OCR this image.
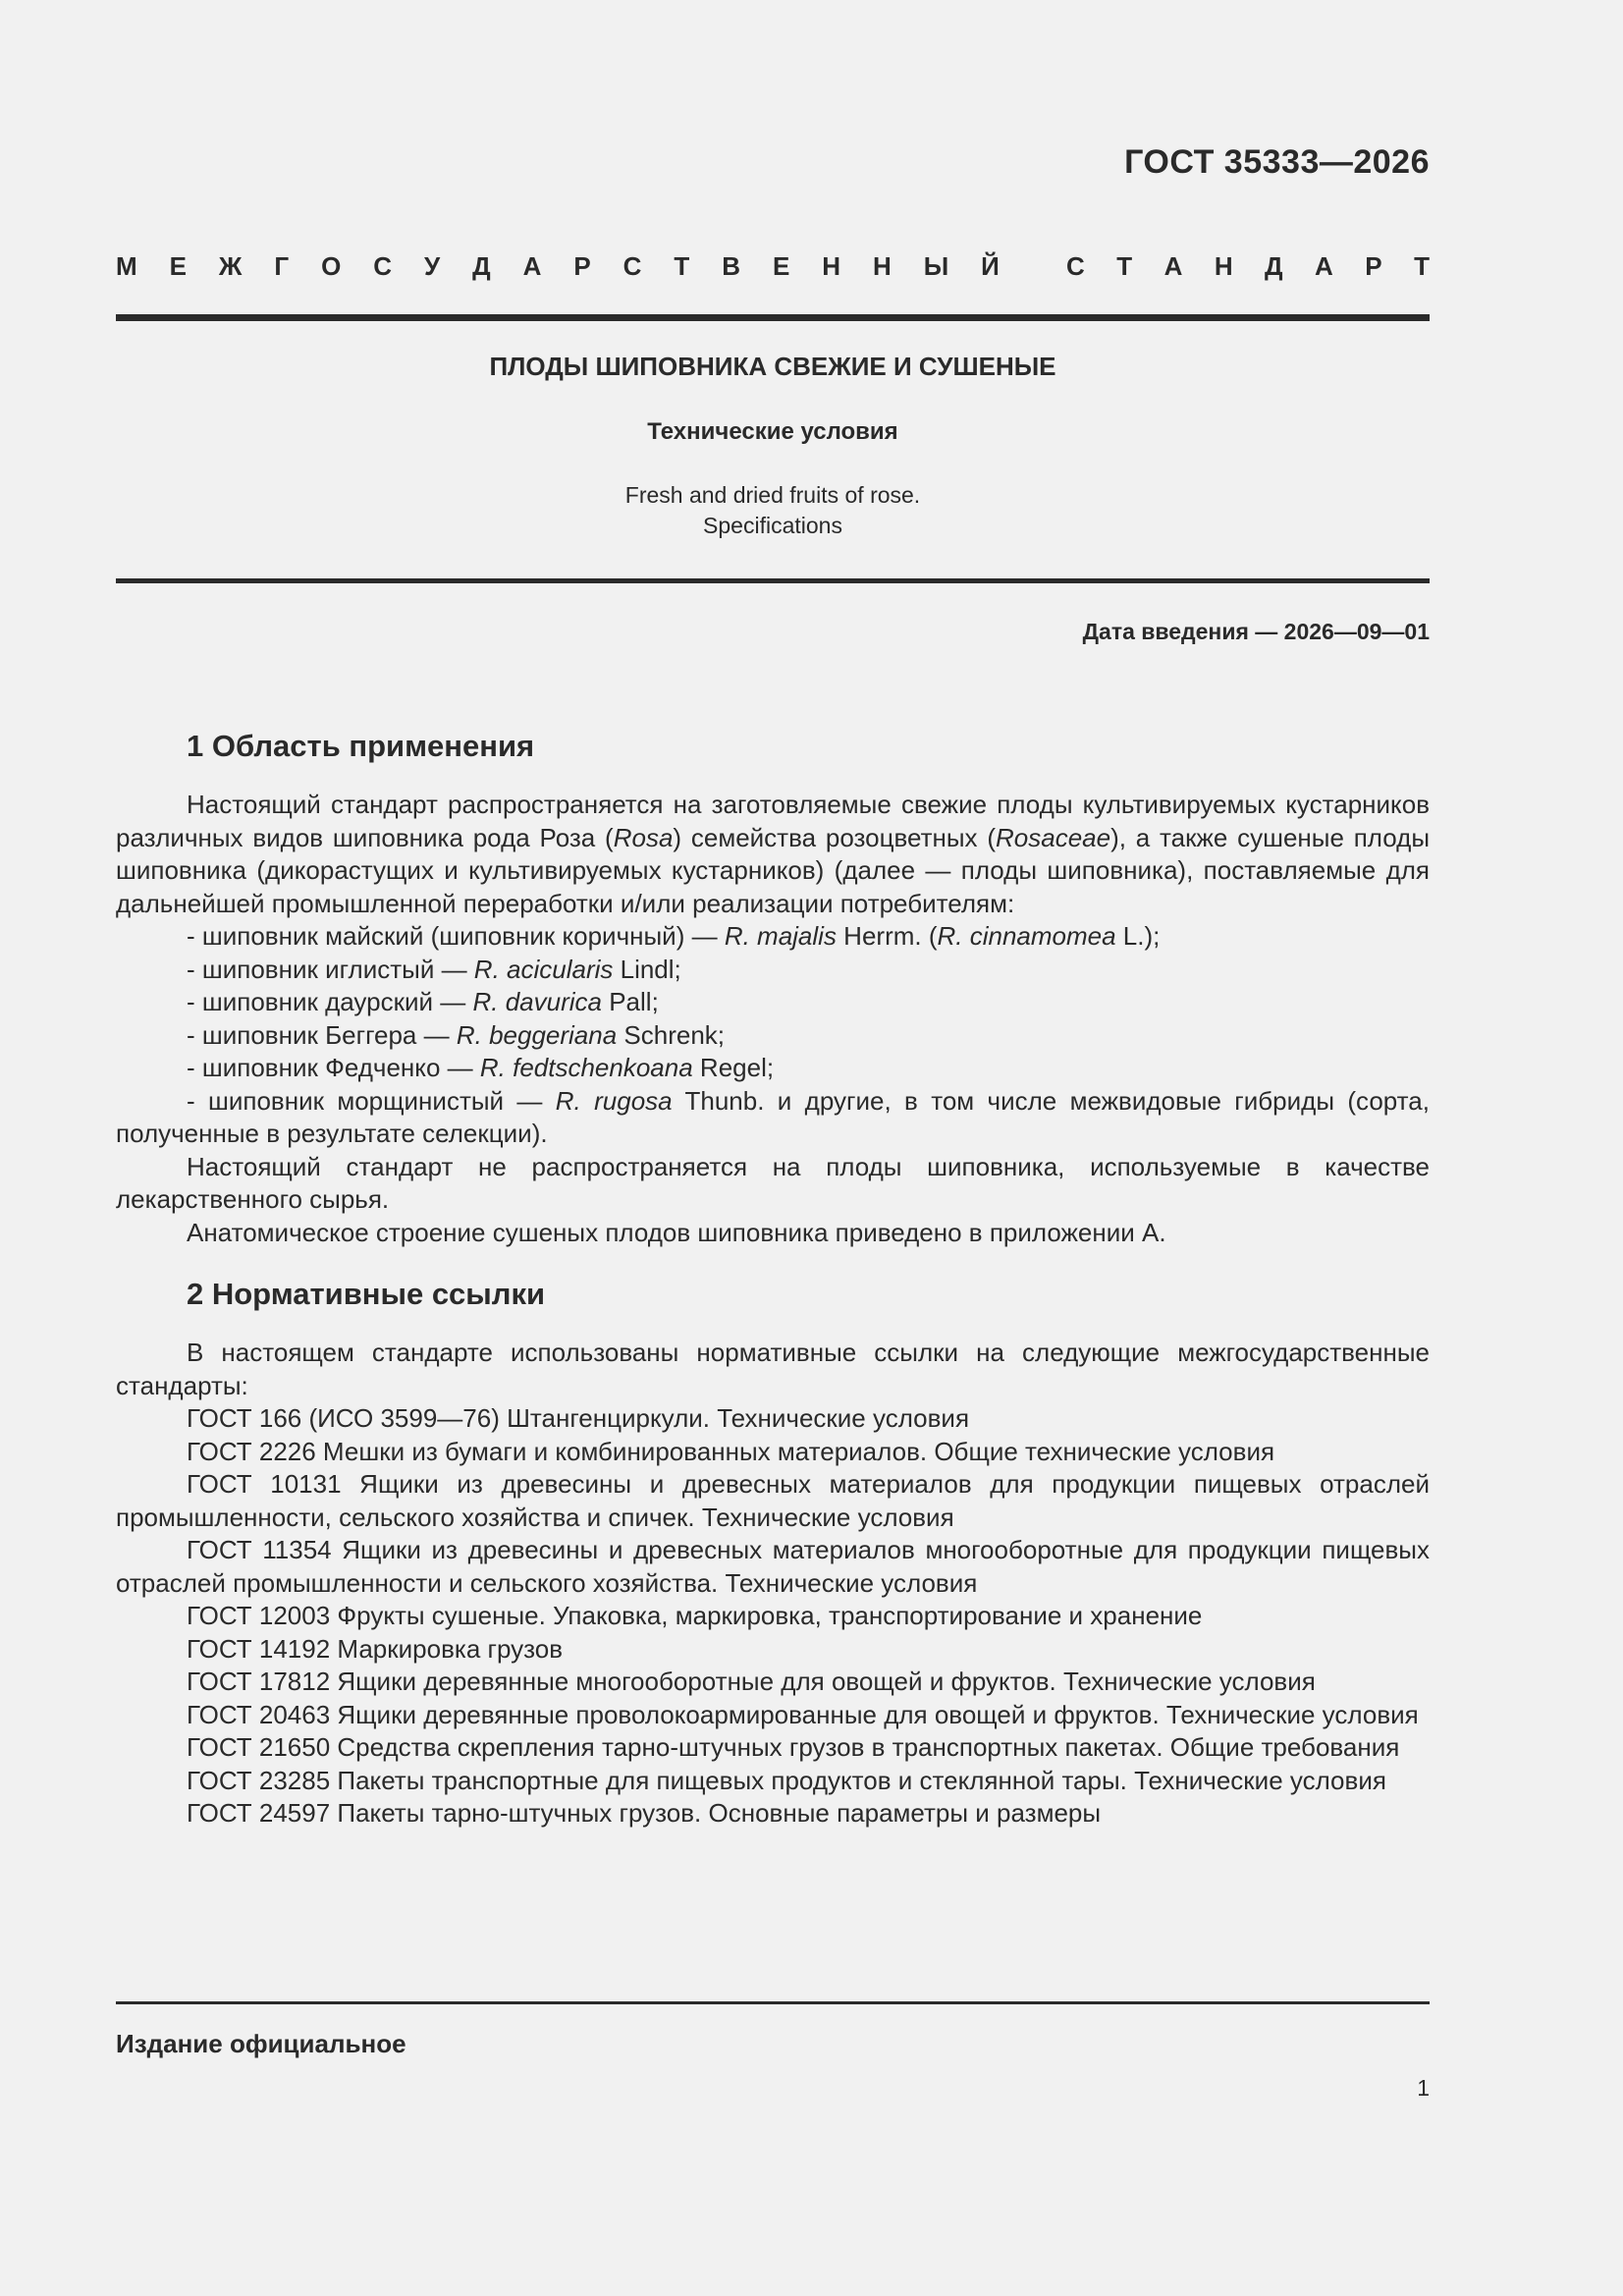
ГОСТ 35333—2026
М Е Ж Г О С У Д А Р С Т В Е Н Н Ы Й	С Т А Н Д А Р Т
ПЛОДЫ ШИПОВНИКА СВЕЖИЕ И СУШЕНЫЕ
Технические условия
Fresh and dried fruits of rose.
Specifications
Дата введения — 2026—09—01
1 Область применения

Настоящий стандарт распространяется на заготовляемые свежие плоды культивируемых кустарников различных видов шиповника рода Роза (Rosa) семейства розоцветных (Rosaceae), а также сушеные плоды шиповника (дикорастущих и культивируемых кустарников) (далее — плоды шиповника), поставляемые для дальнейшей промышленной переработки и/или реализации потребителям:

- шиповник майский (шиповник коричный) — R. majalis Herrm. (R. cinnamomea L.);

- шиповник иглистый — R. acicularis Lindl;

- шиповник даурский — R. davurica Pall;

- шиповник Беггера — R. beggeriana Schrenk;

- шиповник Федченко — R. fedtschenkoana Regel;

- шиповник морщинистый — R. rugosa Thunb. и другие, в том числе межвидовые гибриды (сорта, полученные в результате селекции).

Настоящий стандарт не распространяется на плоды шиповника, используемые в качестве лекарственного сырья.

Анатомическое строение сушеных плодов шиповника приведено в приложении А.

2 Нормативные ссылки

В настоящем стандарте использованы нормативные ссылки на следующие межгосударственные стандарты:

ГОСТ 166 (ИСО 3599—76) Штангенциркули. Технические условия

ГОСТ 2226 Мешки из бумаги и комбинированных материалов. Общие технические условия

ГОСТ 10131 Ящики из древесины и древесных материалов для продукции пищевых отраслей промышленности, сельского хозяйства и спичек. Технические условия

ГОСТ 11354 Ящики из древесины и древесных материалов многооборотные для продукции пищевых отраслей промышленности и сельского хозяйства. Технические условия

ГОСТ 12003 Фрукты сушеные. Упаковка, маркировка, транспортирование и хранение

ГОСТ 14192 Маркировка грузов

ГОСТ 17812 Ящики деревянные многооборотные для овощей и фруктов. Технические условия

ГОСТ 20463 Ящики деревянные проволокоармированные для овощей и фруктов. Технические условия

ГОСТ 21650 Средства скрепления тарно-штучных грузов в транспортных пакетах. Общие требования

ГОСТ 23285 Пакеты транспортные для пищевых продуктов и стеклянной тары. Технические условия

ГОСТ 24597 Пакеты тарно-штучных грузов. Основные параметры и размеры

Издание официальное
1
